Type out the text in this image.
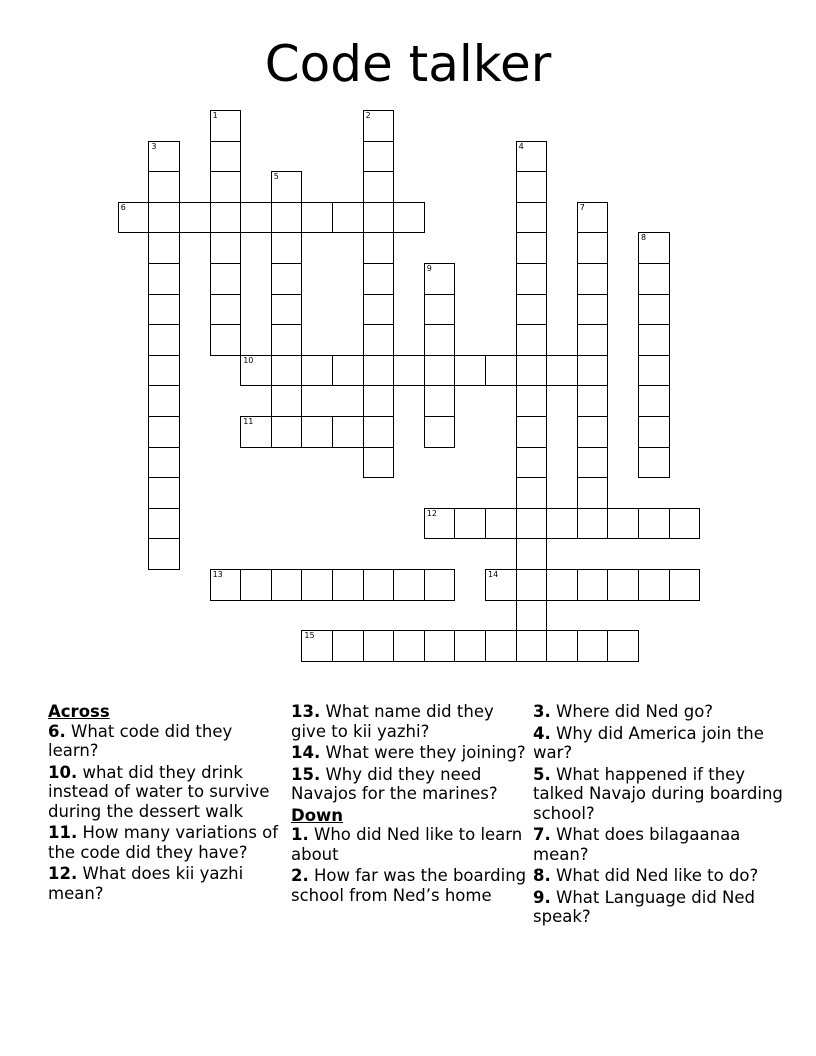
Code talker
1	2
3	4
5
6	7
8
9
10
11
12
13	14
15
Across
6. What code did they learn?
10. what did they drink instead of water to survive during the dessert walk
11. How many variations of the code did they have?
12. What does kii yazhi mean?
13. What name did they give to kii yazhi?
14. What were they joining?
15. Why did they need Navajos for the marines?
Down
1. Who did Ned like to learn about
2. How far was the boarding school from Ned’s home
3. Where did Ned go?
4. Why did America join the war?
5. What happened if they talked Navajo during boarding school?
7. What does bilagaanaa mean?
8. What did Ned like to do?
9. What Language did Ned speak?
